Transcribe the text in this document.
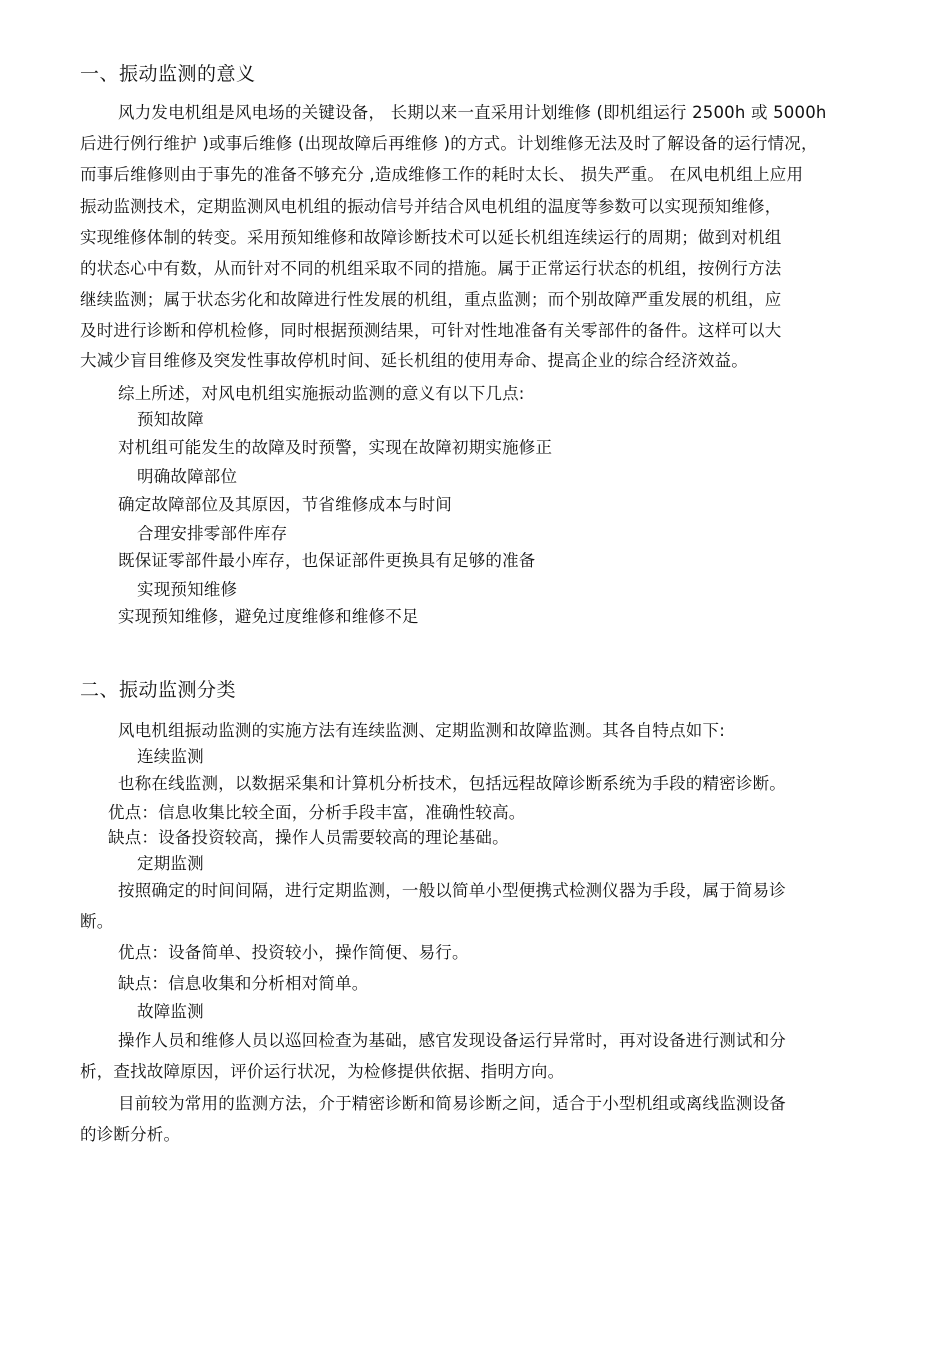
一、振动监测的意义
风力发电机组是风电场的关键设备， 长期以来一直采用计划维修 (即机组运行 2500h 或 5000h
后进行例行维护 )或事后维修 (出现故障后再维修 )的方式。计划维修无法及时了解设备的运行情况，
而事后维修则由于事先的准备不够充分 ,造成维修工作的耗时太长、 损失严重。 在风电机组上应用
振动监测技术，定期监测风电机组的振动信号并结合风电机组的温度等参数可以实现预知维修，
实现维修体制的转变。采用预知维修和故障诊断技术可以延长机组连续运行的周期；做到对机组
的状态心中有数，从而针对不同的机组采取不同的措施。属于正常运行状态的机组，按例行方法
继续监测；属于状态劣化和故障进行性发展的机组，重点监测；而个别故障严重发展的机组，应
及时进行诊断和停机检修，同时根据预测结果，可针对性地准备有关零部件的备件。这样可以大
大减少盲目维修及突发性事故停机时间、延长机组的使用寿命、提高企业的综合经济效益。
综上所述，对风电机组实施振动监测的意义有以下几点:
预知故障
对机组可能发生的故障及时预警，实现在故障初期实施修正
明确故障部位
确定故障部位及其原因，节省维修成本与时间
合理安排零部件库存
既保证零部件最小库存，也保证部件更换具有足够的准备
实现预知维修
实现预知维修，避免过度维修和维修不足
二、振动监测分类
风电机组振动监测的实施方法有连续监测、定期监测和故障监测。其各自特点如下:
连续监测
也称在线监测，以数据采集和计算机分析技术，包括远程故障诊断系统为手段的精密诊断。
优点：信息收集比较全面，分析手段丰富，准确性较高。
缺点：设备投资较高，操作人员需要较高的理论基础。
定期监测
按照确定的时间间隔，进行定期监测，一般以简单小型便携式检测仪器为手段，属于简易诊
断。
优点：设备简单、投资较小，操作简便、易行。
缺点：信息收集和分析相对简单。
故障监测
操作人员和维修人员以巡回检查为基础，感官发现设备运行异常时，再对设备进行测试和分
析，查找故障原因，评价运行状况，为检修提供依据、指明方向。
目前较为常用的监测方法，介于精密诊断和简易诊断之间，适合于小型机组或离线监测设备
的诊断分析。
